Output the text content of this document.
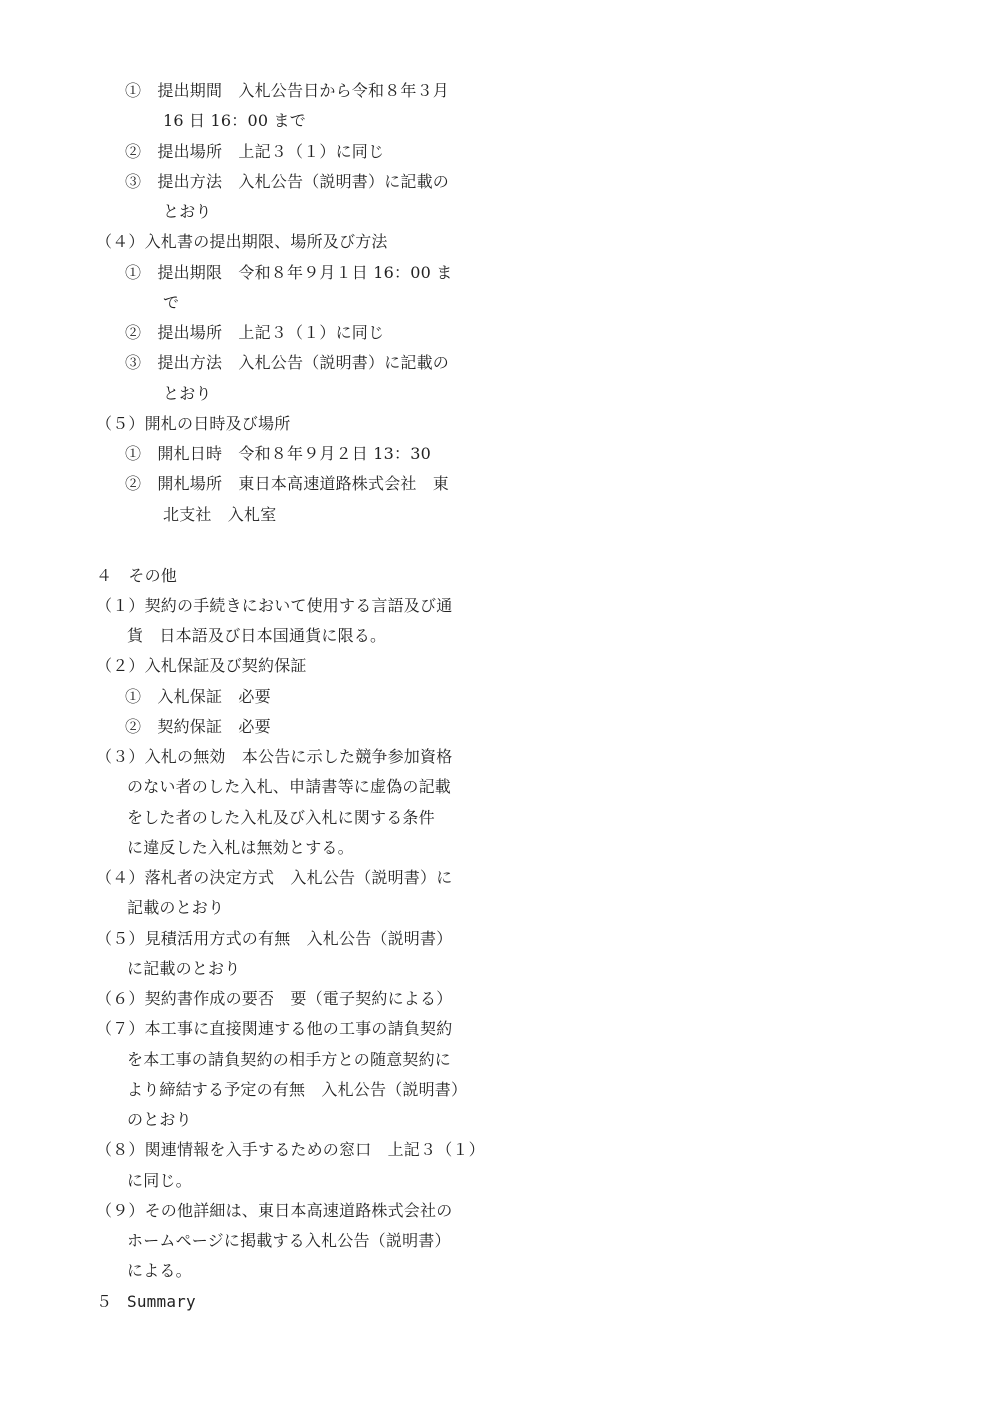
①　提出期間　入札公告日から令和８年３月
16 日 16：00 まで
②　提出場所　上記３（１）に同じ
③　提出方法　入札公告（説明書）に記載の
とおり
（４）入札書の提出期限、場所及び方法
①　提出期限　令和８年９月１日 16：00 ま
で
②　提出場所　上記３（１）に同じ
③　提出方法　入札公告（説明書）に記載の
とおり
（５）開札の日時及び場所
①　開札日時　令和８年９月２日 13：30
②　開札場所　東日本高速道路株式会社　東
北支社　入札室
４　その他
（１）契約の手続きにおいて使用する言語及び通
貨　日本語及び日本国通貨に限る。
（２）入札保証及び契約保証
①　入札保証　必要
②　契約保証　必要
（３）入札の無効　本公告に示した競争参加資格
のない者のした入札、申請書等に虚偽の記載
をした者のした入札及び入札に関する条件
に違反した入札は無効とする。
（４）落札者の決定方式　入札公告（説明書）に
記載のとおり
（５）見積活用方式の有無　入札公告（説明書）
に記載のとおり
（６）契約書作成の要否　要（電子契約による）
（７）本工事に直接関連する他の工事の請負契約
を本工事の請負契約の相手方との随意契約に
より締結する予定の有無　入札公告（説明書）
のとおり
（８）関連情報を入手するための窓口　上記３（１）
に同じ。
（９）その他詳細は、東日本高速道路株式会社の
ホームページに掲載する入札公告（説明書）
による。
５ Summary
